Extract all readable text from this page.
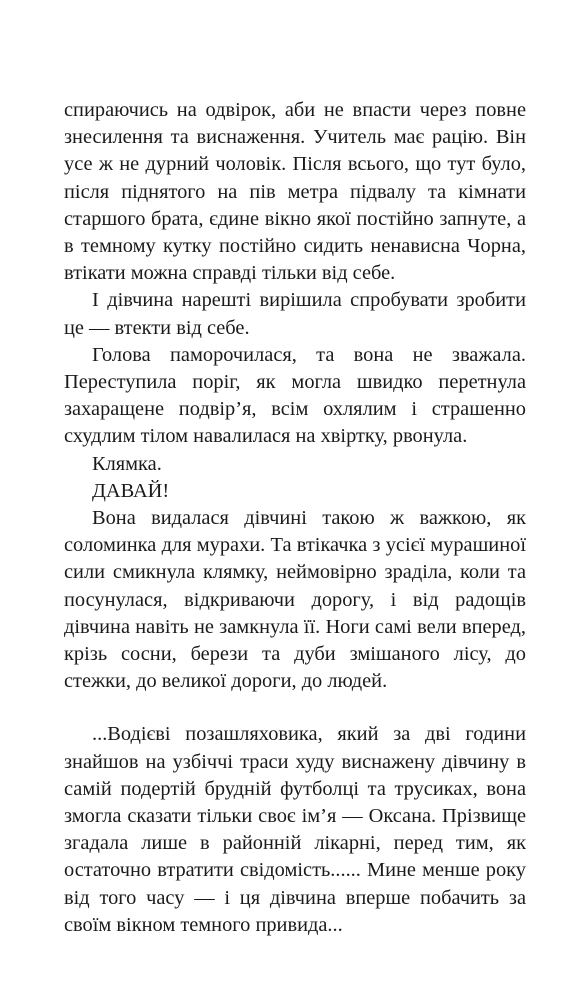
спираючись на одвірок, аби не впасти через повне знесилення та виснаження. Учитель має рацію. Він усе ж не дурний чоловік. Після всього, що тут було, після піднятого на пів метра підвалу та кімнати старшого брата, єдине вікно якої постійно запнуте, а в темному кутку постійно сидить ненависна Чорна, втікати можна справді тільки від себе.

І дівчина нарешті вирішила спробувати зробити це — втекти від себе.

Голова паморочилася, та вона не зважала. Переступила поріг, як могла швидко перетнула захаращене подвір’я, всім охлялим і страшенно схудлим тілом навалилася на хвіртку, рвонула.

Клямка.

ДАВАЙ!

Вона видалася дівчині такою ж важкою, як соломинка для мурахи. Та втікачка з усієї мурашиної сили смикнула клямку, неймовірно зраділа, коли та посунулася, відкриваючи дорогу, і від радощів дівчина навіть не замкнула її. Ноги самі вели вперед, крізь сосни, берези та дуби змішаного лісу, до стежки, до великої дороги, до людей.

...Водієві позашляховика, який за дві години знайшов на узбіччі траси худу виснажену дівчину в самій подертій брудній футболці та трусиках, вона змогла сказати тільки своє ім’я — Оксана. Прізвище згадала лише в районній лікарні, перед тим, як остаточно втратити свідомість...... Мине менше року від того часу — і ця дівчина вперше побачить за своїм вікном темного привида...
